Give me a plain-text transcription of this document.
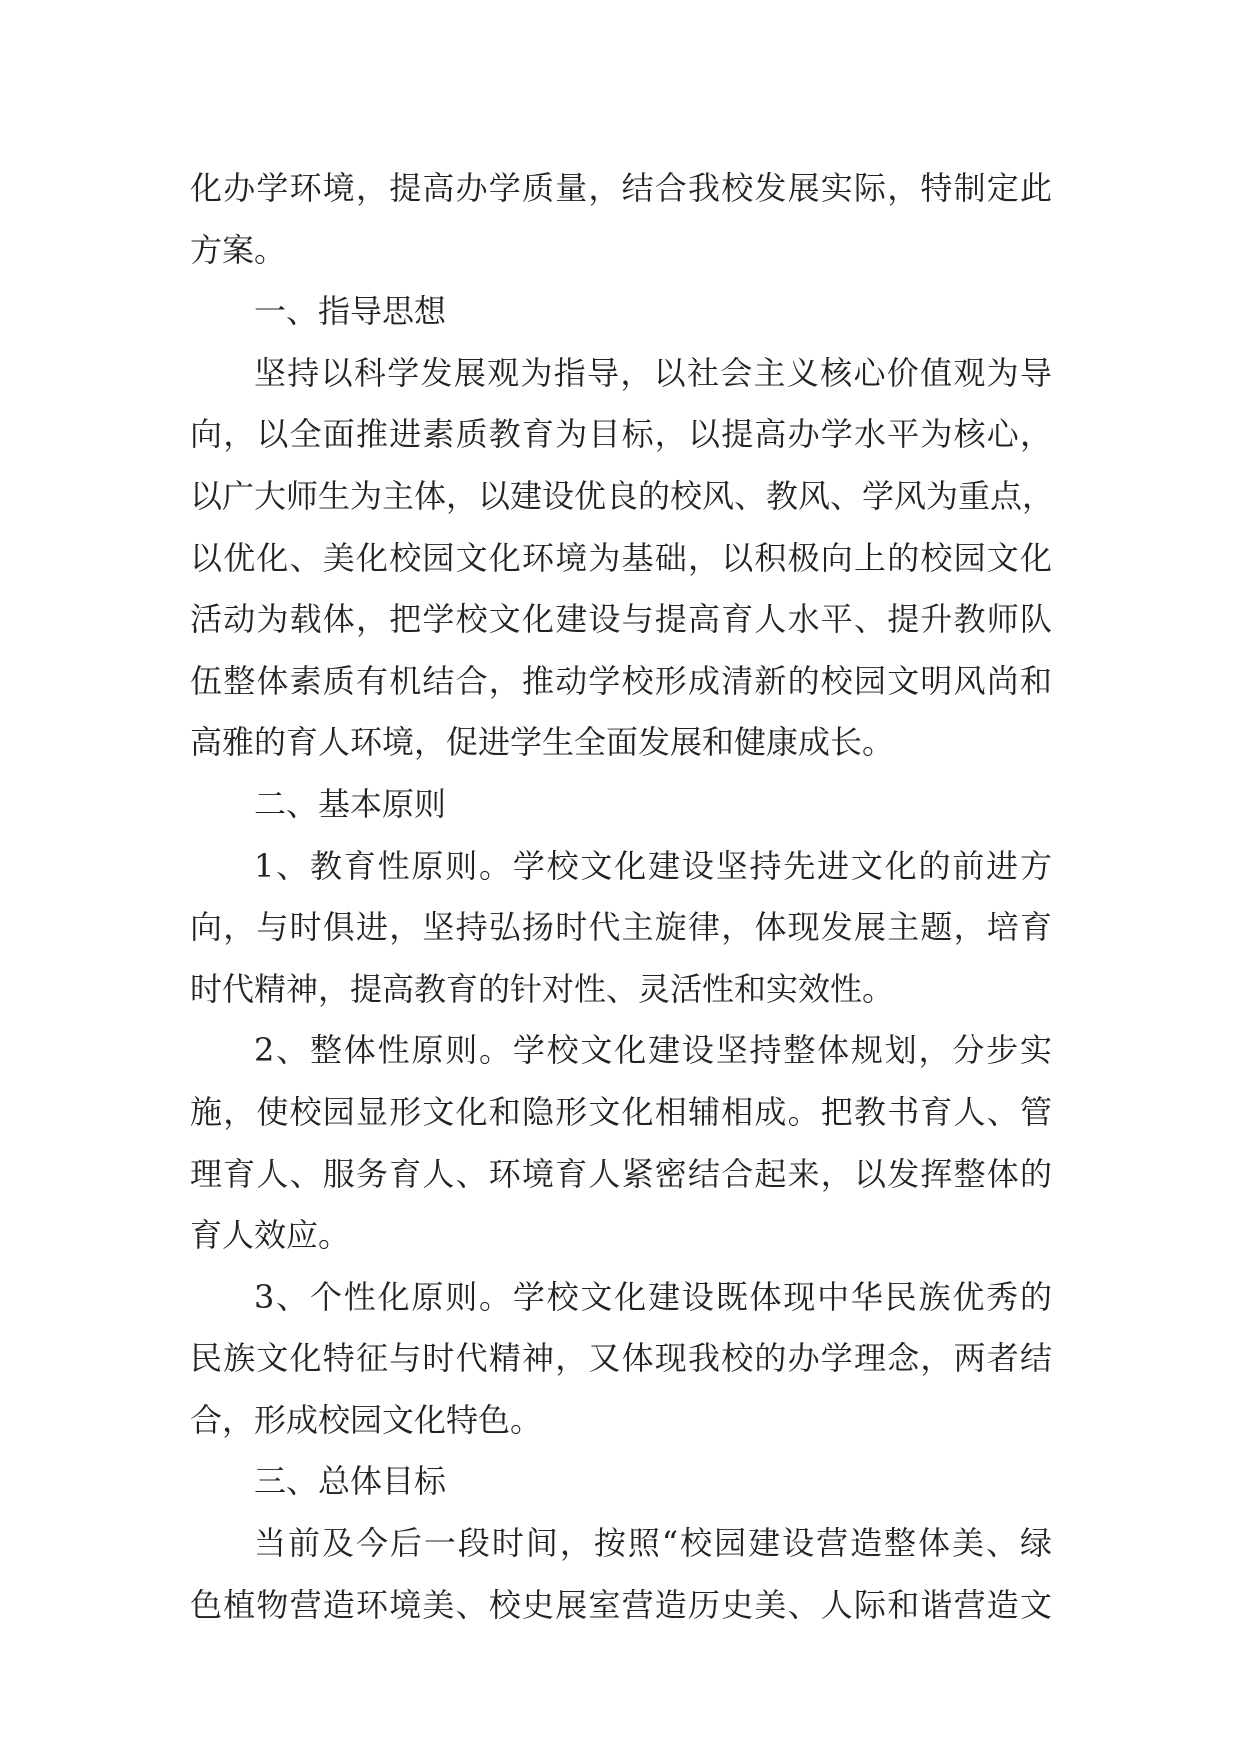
化办学环境，提高办学质量，结合我校发展实际，特制定此
方案。
一、指导思想
坚持以科学发展观为指导，以社会主义核心价值观为导
向，以全面推进素质教育为目标，以提高办学水平为核心，
以广大师生为主体，以建设优良的校风、教风、学风为重点，
以优化、美化校园文化环境为基础，以积极向上的校园文化
活动为载体，把学校文化建设与提高育人水平、提升教师队
伍整体素质有机结合，推动学校形成清新的校园文明风尚和
高雅的育人环境，促进学生全面发展和健康成长。
二、基本原则
1、教育性原则。学校文化建设坚持先进文化的前进方
向，与时俱进，坚持弘扬时代主旋律，体现发展主题，培育
时代精神，提高教育的针对性、灵活性和实效性。
2、整体性原则。学校文化建设坚持整体规划，分步实
施，使校园显形文化和隐形文化相辅相成。把教书育人、管
理育人、服务育人、环境育人紧密结合起来，以发挥整体的
育人效应。
3、个性化原则。学校文化建设既体现中华民族优秀的
民族文化特征与时代精神，又体现我校的办学理念，两者结
合，形成校园文化特色。
三、总体目标
当前及今后一段时间，按照“校园建设营造整体美、绿
色植物营造环境美、校史展室营造历史美、人际和谐营造文
